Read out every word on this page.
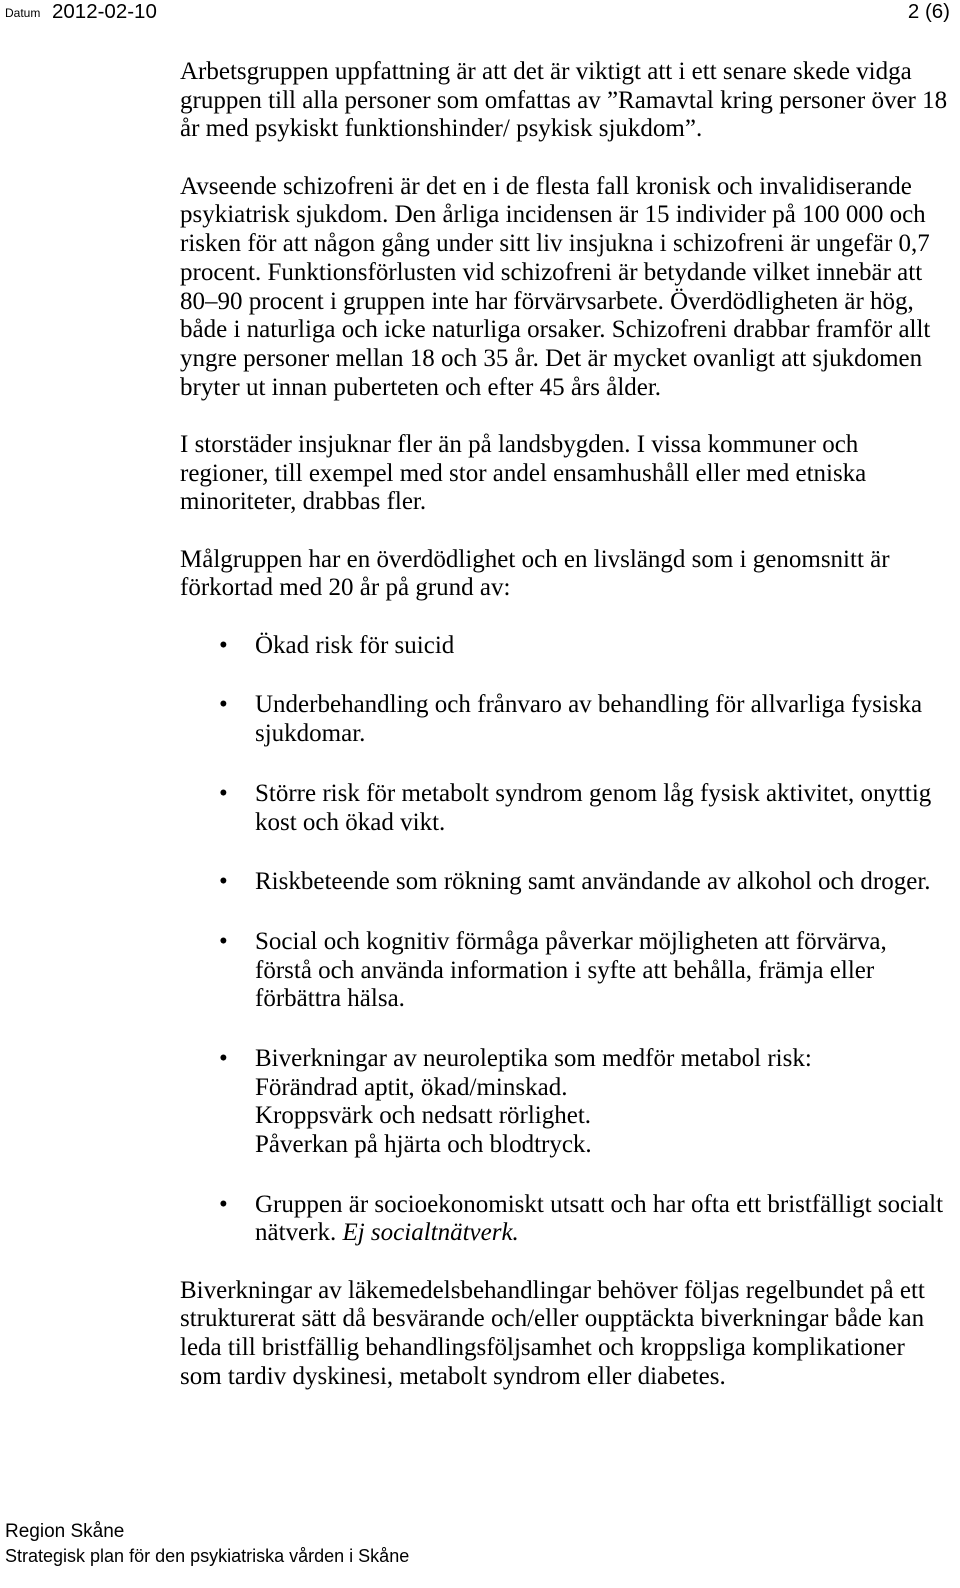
Datum 2012-02-10	2 (6)
Arbetsgruppen uppfattning är att det är viktigt att i ett senare skede vidga
gruppen till alla personer som omfattas av ”Ramavtal kring personer över 18
år med psykiskt funktionshinder/ psykisk sjukdom”.
Avseende schizofreni är det en i de flesta fall kronisk och invalidiserande
psykiatrisk sjukdom. Den årliga incidensen är 15 individer på 100 000 och
risken för att någon gång under sitt liv insjukna i schizofreni är ungefär 0,7
procent. Funktionsförlusten vid schizofreni är betydande vilket innebär att
80–90 procent i gruppen inte har förvärvsarbete. Överdödligheten är hög,
både i naturliga och icke naturliga orsaker. Schizofreni drabbar framför allt
yngre personer mellan 18 och 35 år. Det är mycket ovanligt att sjukdomen
bryter ut innan puberteten och efter 45 års ålder.
I storstäder insjuknar fler än på landsbygden. I vissa kommuner och
regioner, till exempel med stor andel ensamhushåll eller med etniska
minoriteter, drabbas fler.
Målgruppen har en överdödlighet och en livslängd som i genomsnitt är
förkortad med 20 år på grund av:
• Ökad risk för suicid
• Underbehandling och frånvaro av behandling för allvarliga fysiska
sjukdomar.
• Större risk för metabolt syndrom genom låg fysisk aktivitet, onyttig
kost och ökad vikt.
• Riskbeteende som rökning samt användande av alkohol och droger.
• Social och kognitiv förmåga påverkar möjligheten att förvärva,
förstå och använda information i syfte att behålla, främja eller
förbättra hälsa.
• Biverkningar av neuroleptika som medför metabol risk:
Förändrad aptit, ökad/minskad.
Kroppsvärk och nedsatt rörlighet.
Påverkan på hjärta och blodtryck.
• Gruppen är socioekonomiskt utsatt och har ofta ett bristfälligt socialt
nätverk. Ej socialtnätverk.
Biverkningar av läkemedelsbehandlingar behöver följas regelbundet på ett
strukturerat sätt då besvärande och/eller oupptäckta biverkningar både kan
leda till bristfällig behandlingsföljsamhet och kroppsliga komplikationer
som tardiv dyskinesi, metabolt syndrom eller diabetes.
Region Skåne
Strategisk plan för den psykiatriska vården i Skåne
